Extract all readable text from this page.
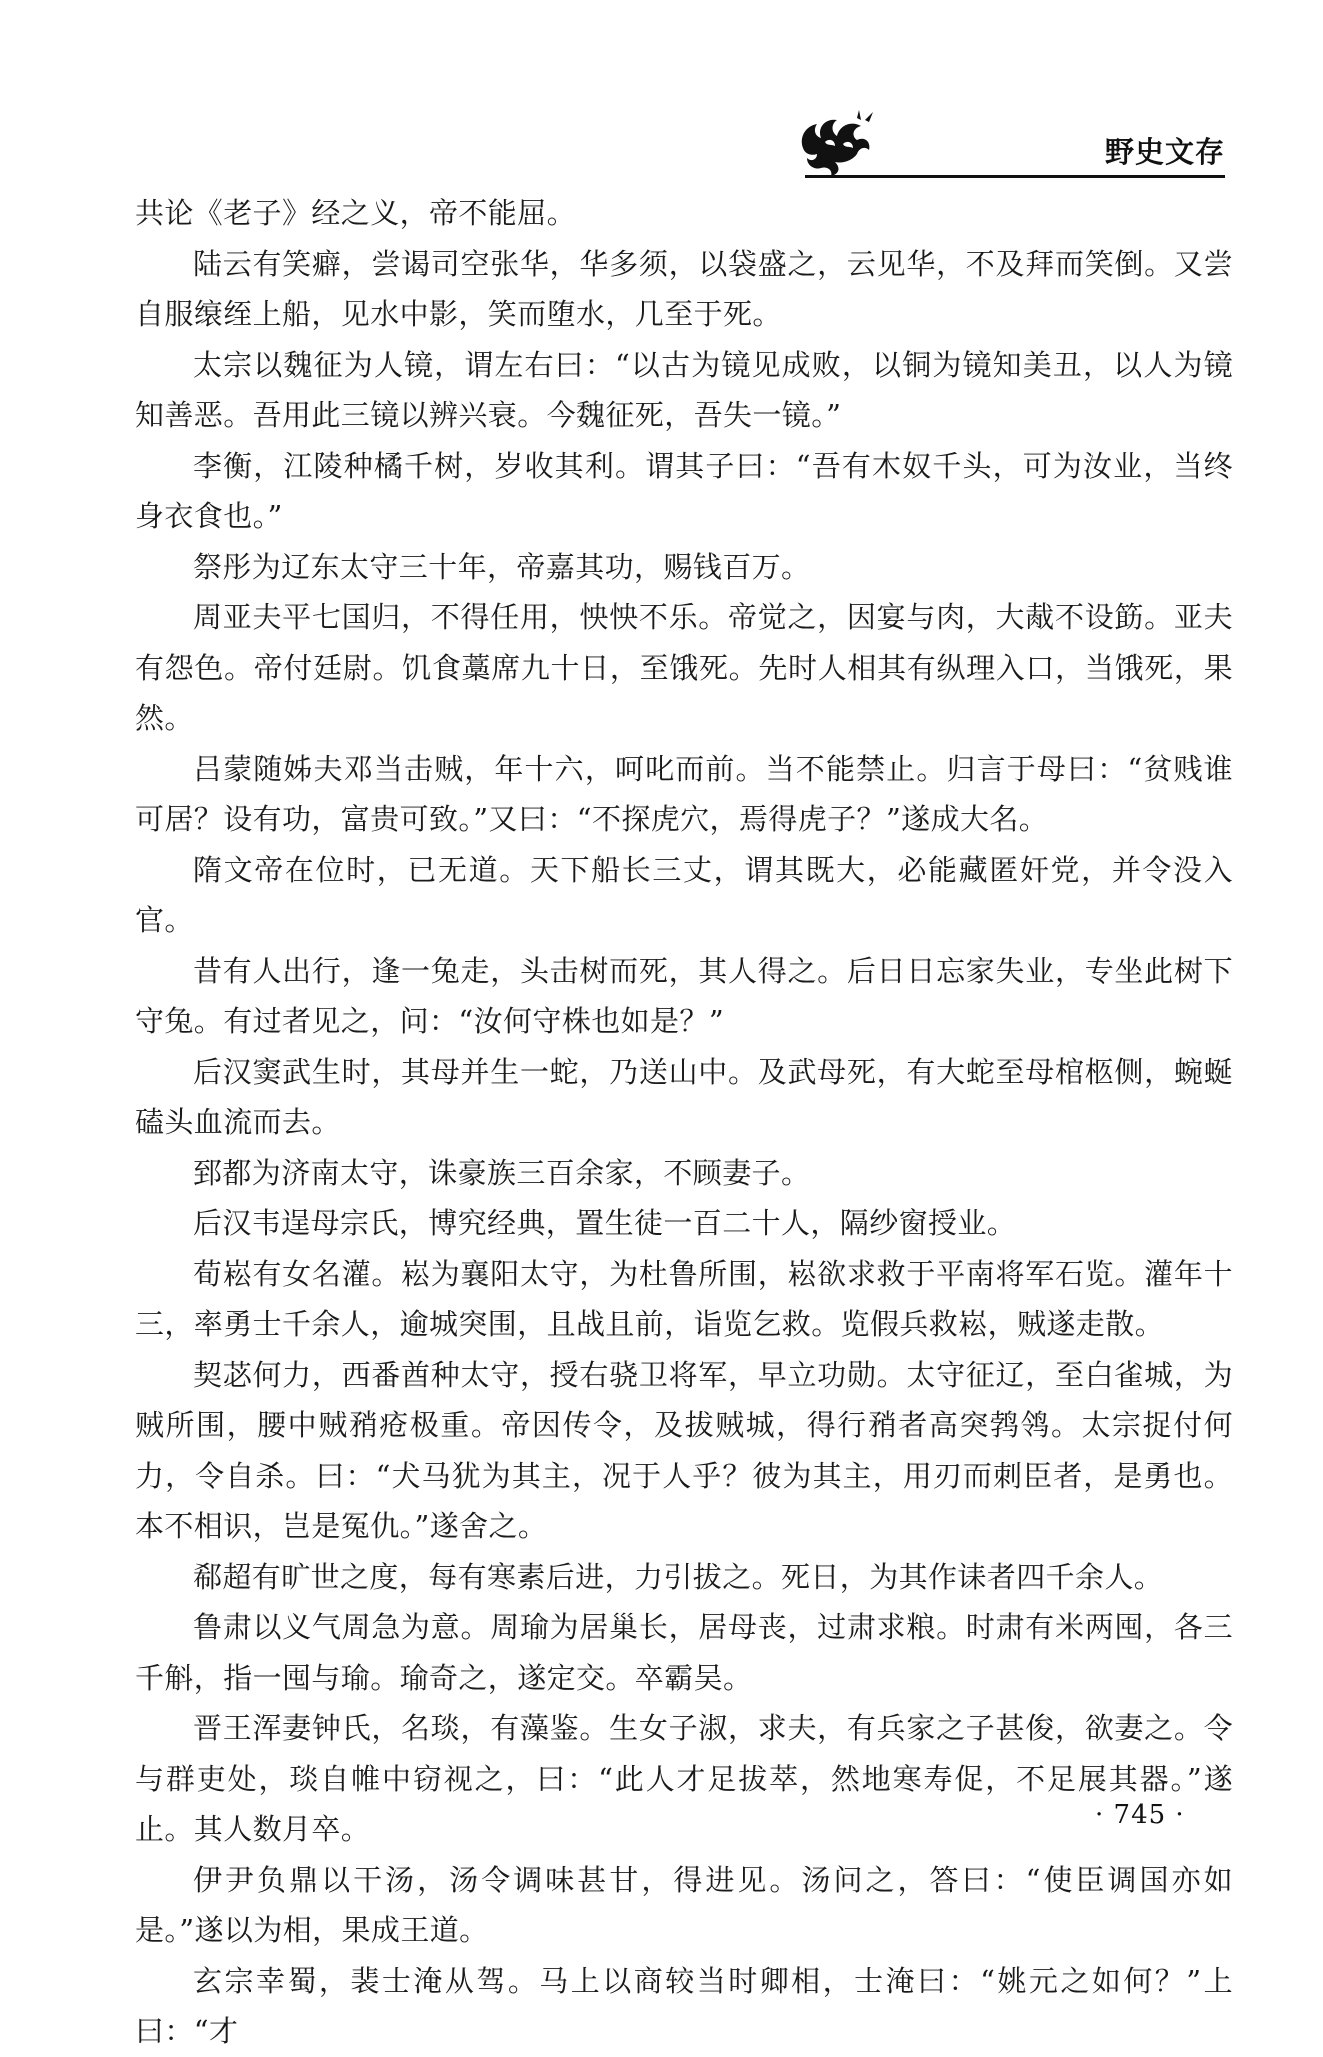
野史文存

共论《老子》经之义，帝不能屈。

陆云有笑癖，尝谒司空张华，华多须，以袋盛之，云见华，不及拜而笑倒。又尝自服缞绖上船，见水中影，笑而堕水，几至于死。

太宗以魏征为人镜，谓左右曰：“以古为镜见成败，以铜为镜知美丑，以人为镜知善恶。吾用此三镜以辨兴衰。今魏征死，吾失一镜。”

李衡，江陵种橘千树，岁收其利。谓其子曰：“吾有木奴千头，可为汝业，当终身衣食也。”

祭彤为辽东太守三十年，帝嘉其功，赐钱百万。

周亚夫平七国归，不得任用，怏怏不乐。帝觉之，因宴与肉，大胾不设筯。亚夫有怨色。帝付廷尉。饥食藁席九十日，至饿死。先时人相其有纵理入口，当饿死，果然。

吕蒙随姊夫邓当击贼，年十六，呵叱而前。当不能禁止。归言于母曰：“贫贱谁可居？设有功，富贵可致。”又曰：“不探虎穴，焉得虎子？”遂成大名。

隋文帝在位时，已无道。天下船长三丈，谓其既大，必能藏匿奸党，并令没入官。

昔有人出行，逢一兔走，头击树而死，其人得之。后日日忘家失业，专坐此树下守兔。有过者见之，问：“汝何守株也如是？”

后汉窦武生时，其母并生一蛇，乃送山中。及武母死，有大蛇至母棺柩侧，蜿蜒磕头血流而去。

郅都为济南太守，诛豪族三百余家，不顾妻子。

后汉韦逞母宗氏，博究经典，置生徒一百二十人，隔纱窗授业。

荀崧有女名灌。崧为襄阳太守，为杜鲁所围，崧欲求救于平南将军石览。灌年十三，率勇士千余人，逾城突围，且战且前，诣览乞救。览假兵救崧，贼遂走散。

契苾何力，西番酋种太守，授右骁卫将军，早立功勋。太守征辽，至白雀城，为贼所围，腰中贼矟疮极重。帝因传令，及拔贼城，得行矟者高突鹁鸰。太宗捉付何力，令自杀。曰：“犬马犹为其主，况于人乎？彼为其主，用刃而刺臣者，是勇也。本不相识，岂是冤仇。”遂舍之。

郗超有旷世之度，每有寒素后进，力引拔之。死日，为其作诔者四千余人。

鲁肃以义气周急为意。周瑜为居巢长，居母丧，过肃求粮。时肃有米两囤，各三千斛，指一囤与瑜。瑜奇之，遂定交。卒霸吴。

晋王浑妻钟氏，名琰，有藻鉴。生女子淑，求夫，有兵家之子甚俊，欲妻之。令与群吏处，琰自帷中窃视之，曰：“此人才足拔萃，然地寒寿促，不足展其器。”遂止。其人数月卒。

伊尹负鼎以干汤，汤令调味甚甘，得进见。汤问之，答曰：“使臣调国亦如是。”遂以为相，果成王道。

玄宗幸蜀，裴士淹从驾。马上以商较当时卿相，士淹曰：“姚元之如何？”上曰：“才

· 745 ·
